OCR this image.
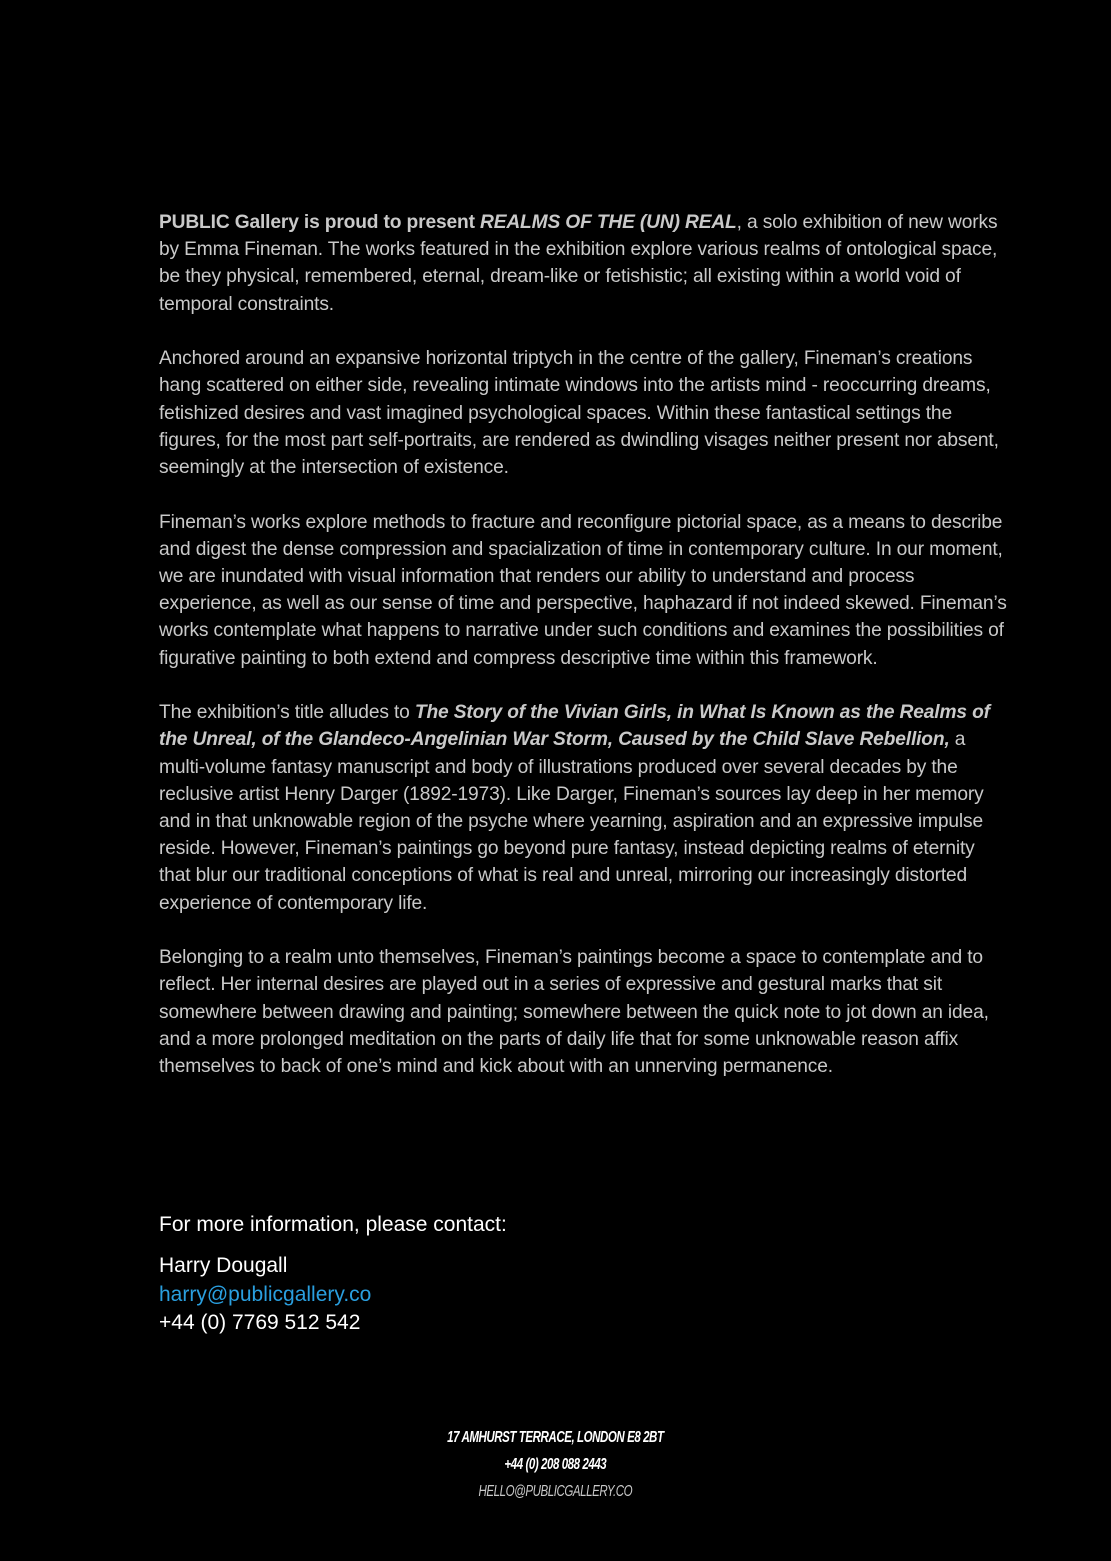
PUBLIC Gallery is proud to present REALMS OF THE (UN) REAL, a solo exhibition of new works by Emma Fineman. The works featured in the exhibition explore various realms of ontological space, be they physical, remembered, eternal, dream-like or fetishistic; all existing within a world void of temporal constraints.

Anchored around an expansive horizontal triptych in the centre of the gallery, Fineman’s creations hang scattered on either side, revealing intimate windows into the artists mind - reoccurring dreams, fetishized desires and vast imagined psychological spaces. Within these fantastical settings the figures, for the most part self-portraits, are rendered as dwindling visages neither present nor absent, seemingly at the intersection of existence.

Fineman’s works explore methods to fracture and reconfigure pictorial space, as a means to describe and digest the dense compression and spacialization of time in contemporary culture. In our moment, we are inundated with visual information that renders our ability to understand and process experience, as well as our sense of time and perspective, haphazard if not indeed skewed. Fineman’s works contemplate what happens to narrative under such conditions and examines the possibilities of figurative painting to both extend and compress descriptive time within this framework.

The exhibition’s title alludes to The Story of the Vivian Girls, in What Is Known as the Realms of the Unreal, of the Glandeco-Angelinian War Storm, Caused by the Child Slave Rebellion, a multi-volume fantasy manuscript and body of illustrations produced over several decades by the reclusive artist Henry Darger (1892-1973). Like Darger, Fineman’s sources lay deep in her memory and in that unknowable region of the psyche where yearning, aspiration and an expressive impulse reside. However, Fineman’s paintings go beyond pure fantasy, instead depicting realms of eternity that blur our traditional conceptions of what is real and unreal, mirroring our increasingly distorted experience of contemporary life.

Belonging to a realm unto themselves, Fineman’s paintings become a space to contemplate and to reflect. Her internal desires are played out in a series of expressive and gestural marks that sit somewhere between drawing and painting; somewhere between the quick note to jot down an idea, and a more prolonged meditation on the parts of daily life that for some unknowable reason affix themselves to back of one’s mind and kick about with an unnerving permanence.

For more information, please contact:

Harry Dougall

harry@publicgallery.co

+44 (0) 7769 512 542

17 AMHURST TERRACE, LONDON E8 2BT
+44 (0) 208 088 2443
HELLO@PUBLICGALLERY.CO
